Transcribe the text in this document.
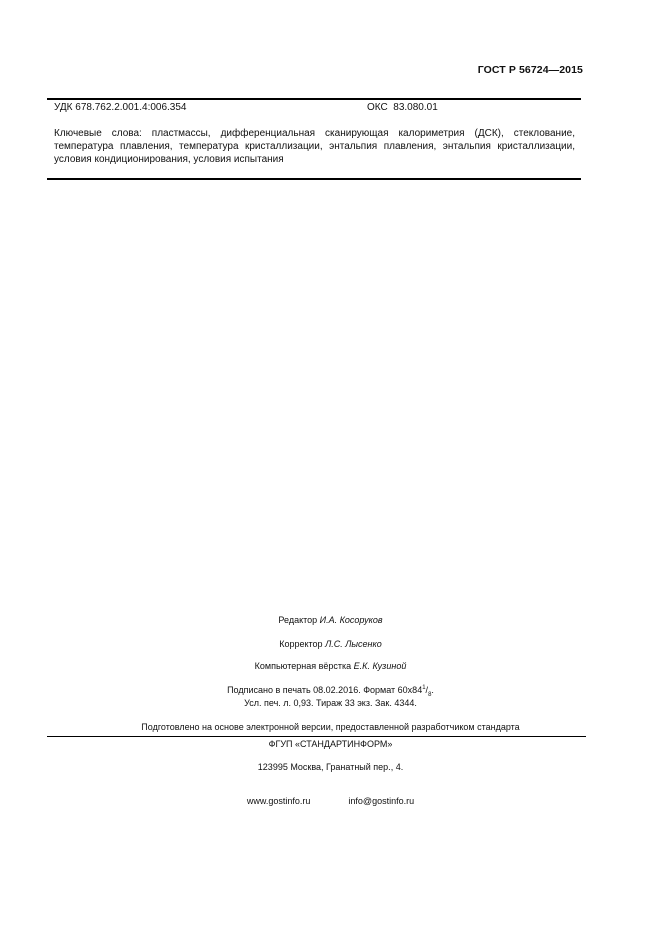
ГОСТ Р 56724—2015
УДК 678.762.2.001.4:006.354	ОКС 83.080.01
Ключевые слова: пластмассы, дифференциальная сканирующая калориметрия (ДСК), стеклование, температура плавления, температура кристаллизации, энтальпия плавления, энтальпия кристаллизации, условия кондиционирования, условия испытания
Редактор И.А. Косоруков
Корректор Л.С. Лысенко
Компьютерная вёрстка Е.К. Кузиной
Подписано в печать 08.02.2016. Формат $60x84^1/_8$.
Усл. печ. л. 0,93. Тираж 33 экз. Зак. 4344.
Подготовлено на основе электронной версии, предоставленной разработчиком стандарта
ФГУП «СТАНДАРТИНФОРМ»
123995 Москва, Гранатный пер., 4.
www.gostinfo.ru	info@gostinfo.ru
